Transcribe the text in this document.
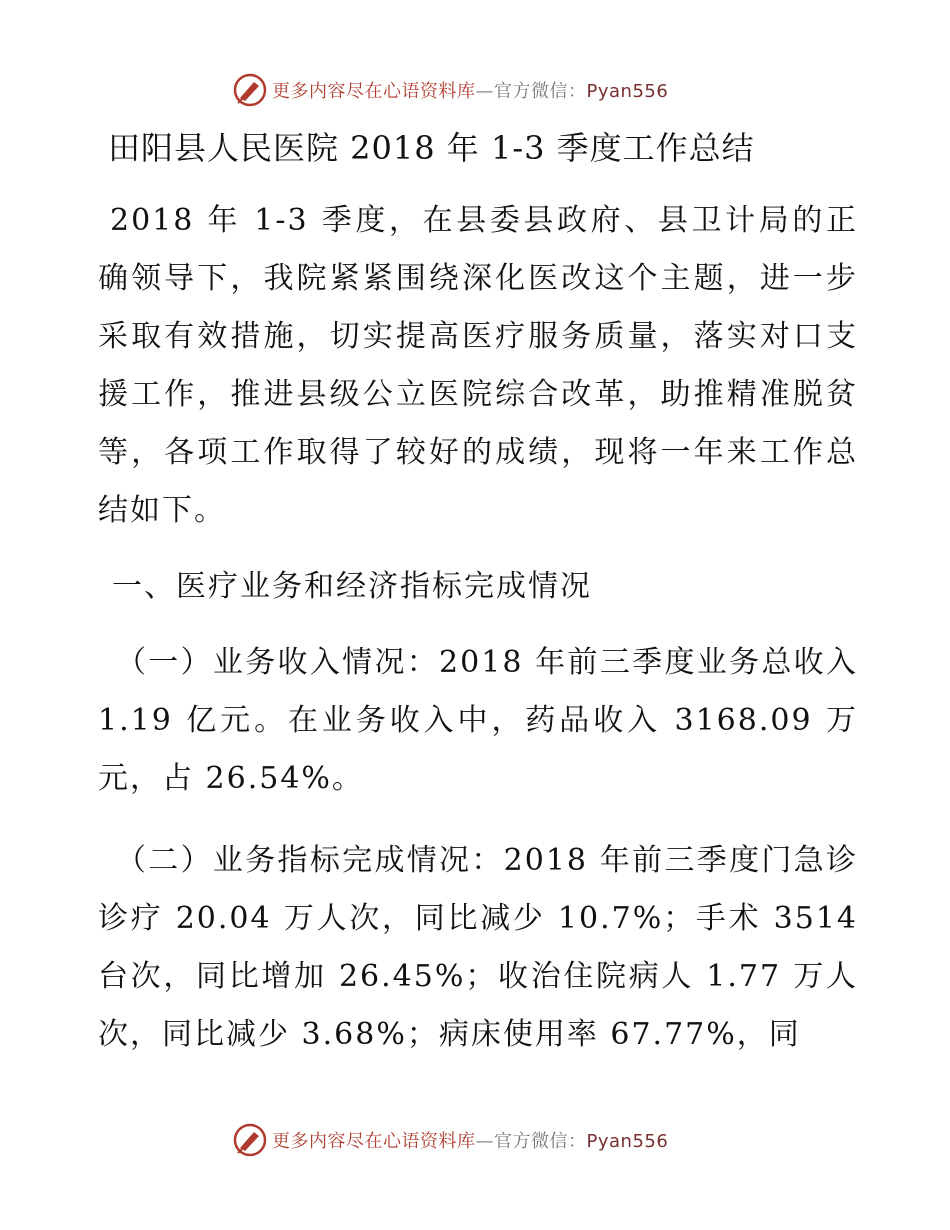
更多内容尽在心语资料库—官方微信：Pyan556
田阳县人民医院 2018 年 1-3 季度工作总结

2018 年 1-3 季度，在县委县政府、县卫计局的正确领导下，我院紧紧围绕深化医改这个主题，进一步采取有效措施，切实提高医疗服务质量，落实对口支援工作，推进县级公立医院综合改革，助推精准脱贫等，各项工作取得了较好的成绩，现将一年来工作总结如下。

一、医疗业务和经济指标完成情况

（一）业务收入情况：2018 年前三季度业务总收入 1.19 亿元。在业务收入中，药品收入 3168.09 万元，占 26.54%。

（二）业务指标完成情况：2018 年前三季度门急诊诊疗 20.04 万人次，同比减少 10.7%；手术 3514 台次，同比增加 26.45%；收治住院病人 1.77 万人次，同比减少 3.68%；病床使用率 67.77%，同

更多内容尽在心语资料库—官方微信：Pyan556
